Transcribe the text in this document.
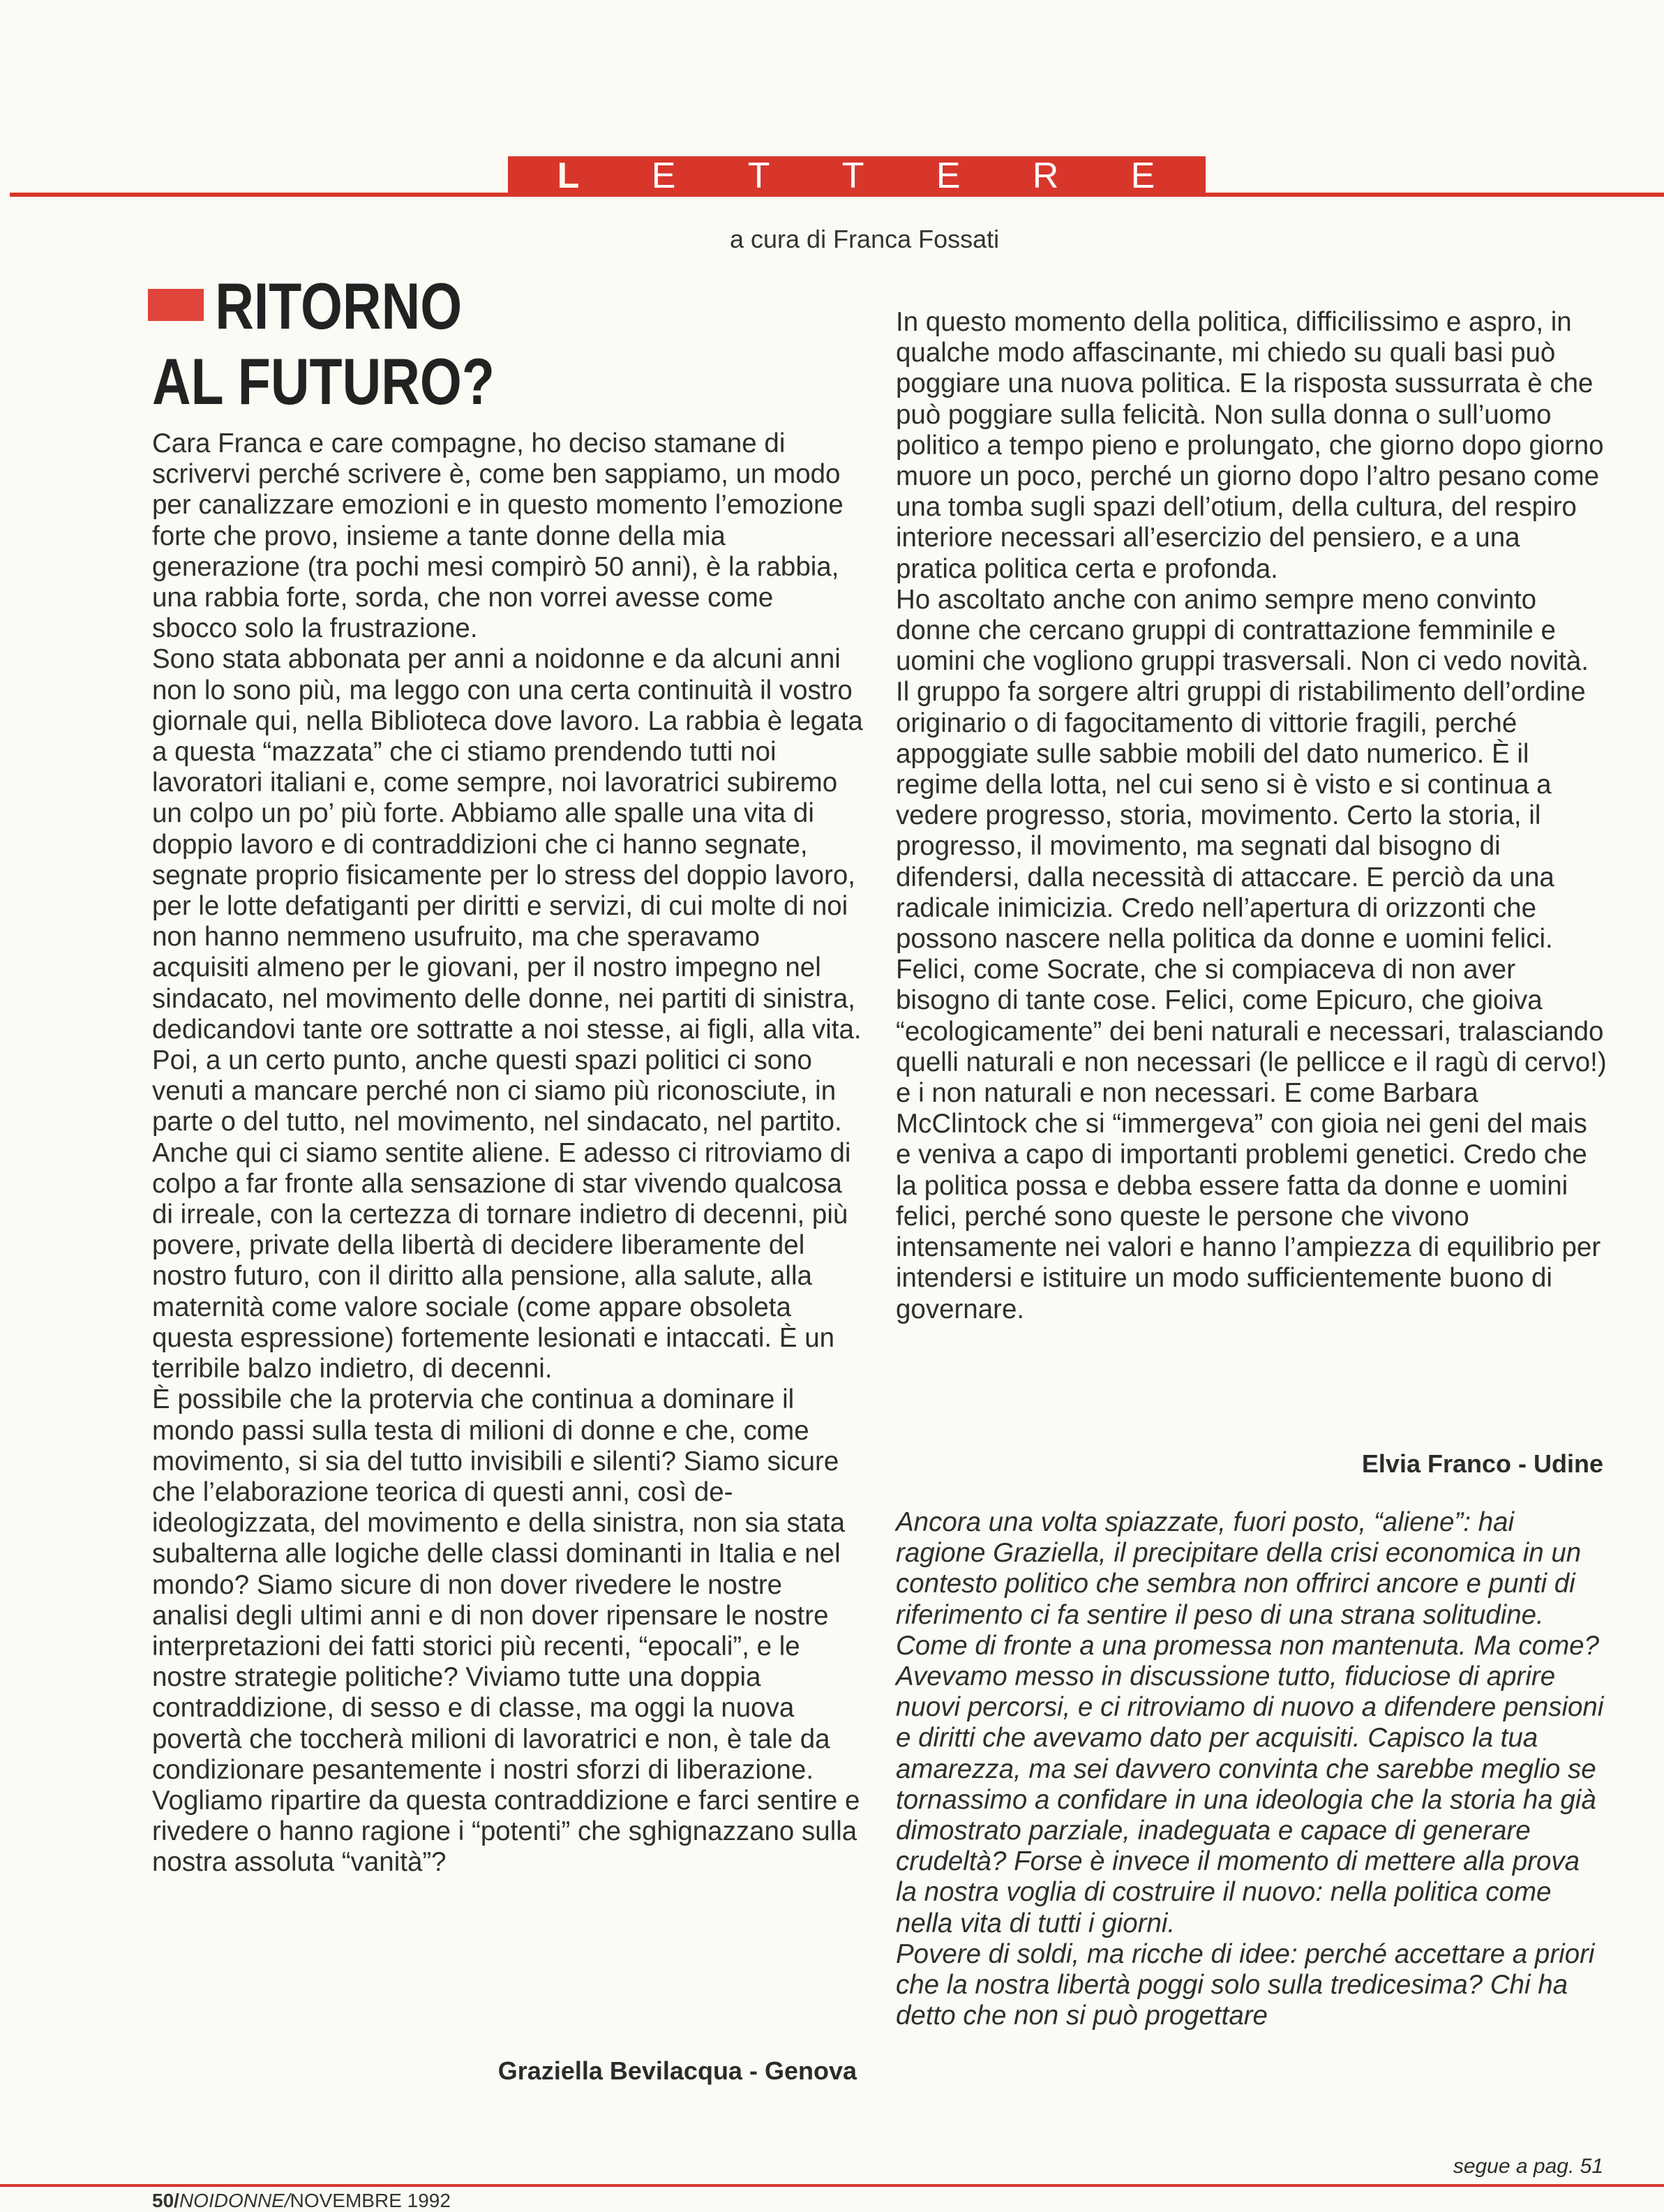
L E T T E R E
a cura di Franca Fossati
RITORNO
AL FUTURO?

Cara Franca e care compagne, ho deciso stamane di scrivervi perché scrivere è, come ben sappiamo, un modo per canalizzare emozioni e in questo momento l’emozione forte che provo, insieme a tante donne della mia generazione (tra pochi mesi compirò 50 anni), è la rabbia, una rabbia forte, sorda, che non vorrei avesse come sbocco solo la frustrazione.

Sono stata abbonata per anni a noidonne e da alcuni anni non lo sono più, ma leggo con una certa continuità il vostro giornale qui, nella Biblioteca dove lavoro. La rabbia è legata a questa “mazzata” che ci stiamo prendendo tutti noi lavoratori italiani e, come sempre, noi lavoratrici subiremo un colpo un po’ più forte. Abbiamo alle spalle una vita di doppio lavoro e di contraddizioni che ci hanno segnate, segnate proprio fisicamente per lo stress del doppio lavoro, per le lotte defatiganti per diritti e servizi, di cui molte di noi non hanno nemmeno usufruito, ma che speravamo acquisiti almeno per le giovani, per il nostro impegno nel sindacato, nel movimento delle donne, nei partiti di sinistra, dedicandovi tante ore sottratte a noi stesse, ai figli, alla vita.

Poi, a un certo punto, anche questi spazi politici ci sono venuti a mancare perché non ci siamo più riconosciute, in parte o del tutto, nel movimento, nel sindacato, nel partito.

Anche qui ci siamo sentite aliene. E adesso ci ritroviamo di colpo a far fronte alla sensazione di star vivendo qualcosa di irreale, con la certezza di tornare indietro di decenni, più povere, private della libertà di decidere liberamente del nostro futuro, con il diritto alla pensione, alla salute, alla maternità come valore sociale (come appare obsoleta questa espressione) fortemente lesionati e intaccati. È un terribile balzo indietro, di decenni.

È possibile che la protervia che continua a dominare il mondo passi sulla testa di milioni di donne e che, come movimento, si sia del tutto invisibili e silenti? Siamo sicure che l’elaborazione teorica di questi anni, così de-ideologizzata, del movimento e della sinistra, non sia stata subalterna alle logiche delle classi dominanti in Italia e nel mondo? Siamo sicure di non dover rivedere le nostre analisi degli ultimi anni e di non dover ripensare le nostre interpretazioni dei fatti storici più recenti, “epocali”, e le nostre strategie politiche? Viviamo tutte una doppia contraddizione, di sesso e di classe, ma oggi la nuova povertà che toccherà milioni di lavoratrici e non, è tale da condizionare pesantemente i nostri sforzi di liberazione. Vogliamo ripartire da questa contraddizione e farci sentire e rivedere o hanno ragione i “potenti” che sghignazzano sulla nostra assoluta “vanità”?

Graziella Bevilacqua - Genova

In questo momento della politica, difficilissimo e aspro, in qualche modo affascinante, mi chiedo su quali basi può poggiare una nuova politica. E la risposta sussurrata è che può poggiare sulla felicità. Non sulla donna o sull’uomo politico a tempo pieno e prolungato, che giorno dopo giorno muore un poco, perché un giorno dopo l’altro pesano come una tomba sugli spazi dell’otium, della cultura, del respiro interiore necessari all’esercizio del pensiero, e a una pratica politica certa e profonda.

Ho ascoltato anche con animo sempre meno convinto donne che cercano gruppi di contrattazione femminile e uomini che vogliono gruppi trasversali. Non ci vedo novità. Il gruppo fa sorgere altri gruppi di ristabilimento dell’ordine originario o di fagocitamento di vittorie fragili, perché appoggiate sulle sabbie mobili del dato numerico. È il regime della lotta, nel cui seno si è visto e si continua a vedere progresso, storia, movimento. Certo la storia, il progresso, il movimento, ma segnati dal bisogno di difendersi, dalla necessità di attaccare. E perciò da una radicale inimicizia. Credo nell’apertura di orizzonti che possono nascere nella politica da donne e uomini felici.

Felici, come Socrate, che si compiaceva di non aver bisogno di tante cose. Felici, come Epicuro, che gioiva “ecologicamente” dei beni naturali e necessari, tralasciando quelli naturali e non necessari (le pellicce e il ragù di cervo!) e i non naturali e non necessari. E come Barbara McClintock che si “immergeva” con gioia nei geni del mais e veniva a capo di importanti problemi genetici. Credo che la politica possa e debba essere fatta da donne e uomini felici, perché sono queste le persone che vivono intensamente nei valori e hanno l’ampiezza di equilibrio per intendersi e istituire un modo sufficientemente buono di governare.

Elvia Franco - Udine

Ancora una volta spiazzate, fuori posto, “aliene”: hai ragione Graziella, il precipitare della crisi economica in un contesto politico che sembra non offrirci ancore e punti di riferimento ci fa sentire il peso di una strana solitudine. Come di fronte a una promessa non mantenuta. Ma come? Avevamo messo in discussione tutto, fiduciose di aprire nuovi percorsi, e ci ritroviamo di nuovo a difendere pensioni e diritti che avevamo dato per acquisiti. Capisco la tua amarezza, ma sei davvero convinta che sarebbe meglio se tornassimo a confidare in una ideologia che la storia ha già dimostrato parziale, inadeguata e capace di generare crudeltà? Forse è invece il momento di mettere alla prova la nostra voglia di costruire il nuovo: nella politica come nella vita di tutti i giorni.

Povere di soldi, ma ricche di idee: perché accettare a priori che la nostra libertà poggi solo sulla tredicesima? Chi ha detto che non si può progettare

segue a pag. 51
50/NOIDONNE/NOVEMBRE 1992
